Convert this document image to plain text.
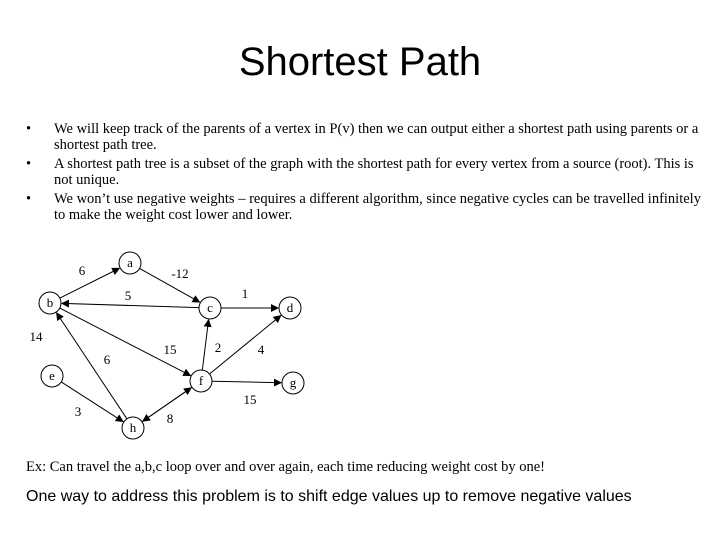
Shortest Path
• We will keep track of the parents of a vertex in P(v) then we can output either a shortest path using parents or a shortest path tree.
• A shortest path tree is a subset of the graph with the shortest path for every vertex from a source (root). This is not unique.
• We won’t use negative weights – requires a different algorithm, since negative cycles can be travelled infinitely to make the weight cost lower and lower.
6	-12
5	1
14
15	2	4
6
15
3	8
a
b	c	d
e	f	g
h
Ex: Can travel the a,b,c loop over and over again, each time reducing weight cost by one!
One way to address this problem is to shift edge values up to remove negative values
